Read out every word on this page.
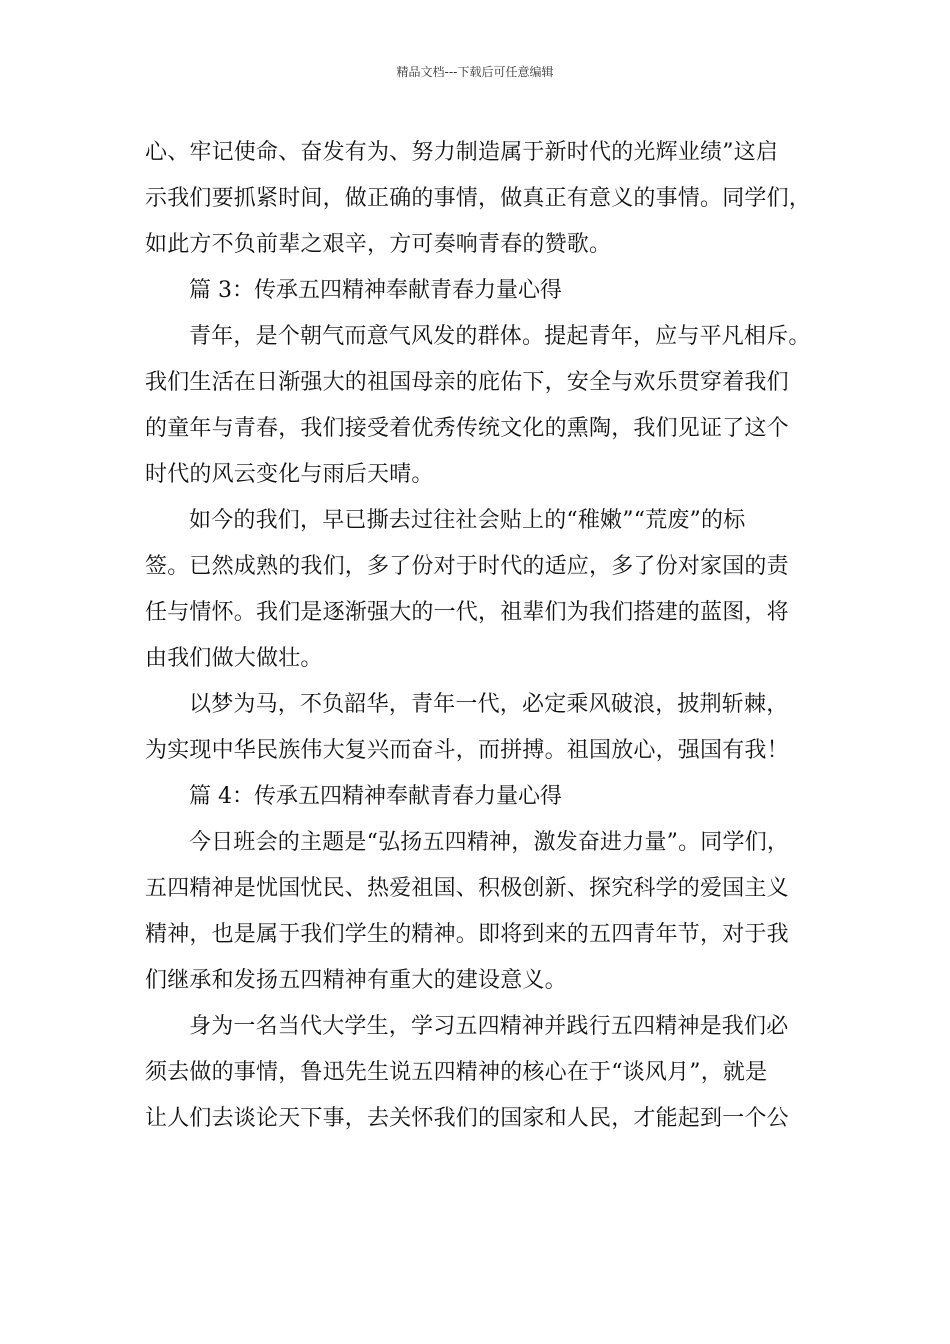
精品文档---下载后可任意编辑

心、牢记使命、奋发有为、努力制造属于新时代的光辉业绩”这启
示我们要抓紧时间，做正确的事情，做真正有意义的事情。同学们，
如此方不负前辈之艰辛，方可奏响青春的赞歌。

篇 3：传承五四精神奉献青春力量心得

青年，是个朝气而意气风发的群体。提起青年，应与平凡相斥。
我们生活在日渐强大的祖国母亲的庇佑下，安全与欢乐贯穿着我们
的童年与青春，我们接受着优秀传统文化的熏陶，我们见证了这个
时代的风云变化与雨后天晴。

如今的我们，早已撕去过往社会贴上的“稚嫩”“荒废”的标
签。已然成熟的我们，多了份对于时代的适应，多了份对家国的责
任与情怀。我们是逐渐强大的一代，祖辈们为我们搭建的蓝图，将
由我们做大做壮。

以梦为马，不负韶华，青年一代，必定乘风破浪，披荆斩棘，
为实现中华民族伟大复兴而奋斗，而拼搏。祖国放心，强国有我！

篇 4：传承五四精神奉献青春力量心得

今日班会的主题是“弘扬五四精神，激发奋进力量”。同学们，
五四精神是忧国忧民、热爱祖国、积极创新、探究科学的爱国主义
精神，也是属于我们学生的精神。即将到来的五四青年节，对于我
们继承和发扬五四精神有重大的建设意义。

身为一名当代大学生，学习五四精神并践行五四精神是我们必
须去做的事情，鲁迅先生说五四精神的核心在于“谈风月”，就是
让人们去谈论天下事，去关怀我们的国家和人民，才能起到一个公
